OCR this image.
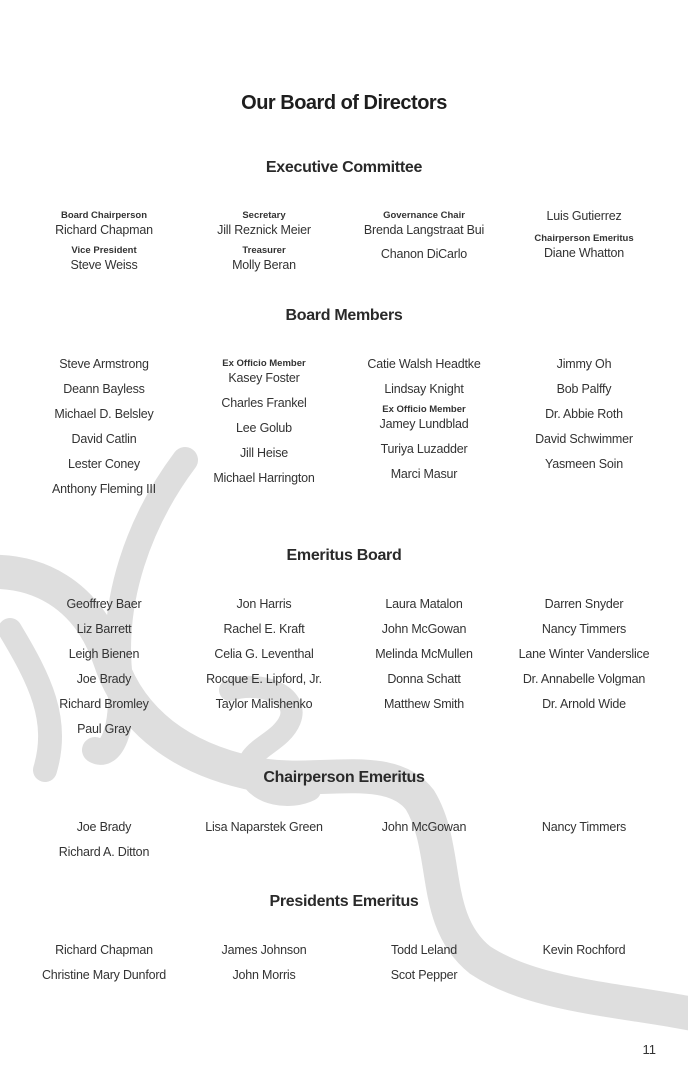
Our Board of Directors
Executive Committee
Board Chairperson
Richard Chapman
Vice President
Steve Weiss
Secretary
Jill Reznick Meier
Treasurer
Molly Beran
Governance Chair
Brenda Langstraat Bui
Chanon DiCarlo
Luis Gutierrez
Chairperson Emeritus
Diane Whatton
Board Members
Steve Armstrong
Deann Bayless
Michael D. Belsley
David Catlin
Lester Coney
Anthony Fleming III
Ex Officio Member
Kasey Foster
Charles Frankel
Lee Golub
Jill Heise
Michael Harrington
Catie Walsh Headtke
Lindsay Knight
Ex Officio Member
Jamey Lundblad
Turiya Luzadder
Marci Masur
Jimmy Oh
Bob Palffy
Dr. Abbie Roth
David Schwimmer
Yasmeen Soin
Emeritus Board
Geoffrey Baer
Liz Barrett
Leigh Bienen
Joe Brady
Richard Bromley
Paul Gray
Jon Harris
Rachel E. Kraft
Celia G. Leventhal
Rocque E. Lipford, Jr.
Taylor Malishenko
Laura Matalon
John McGowan
Melinda McMullen
Donna Schatt
Matthew Smith
Darren Snyder
Nancy Timmers
Lane Winter Vanderslice
Dr. Annabelle Volgman
Dr. Arnold Wide
Chairperson Emeritus
Joe Brady
Richard A. Ditton
Lisa Naparstek Green	John McGowan	Nancy Timmers
Presidents Emeritus
Richard Chapman
Christine Mary Dunford
James Johnson
John Morris
Todd Leland
Scot Pepper
Kevin Rochford
11
